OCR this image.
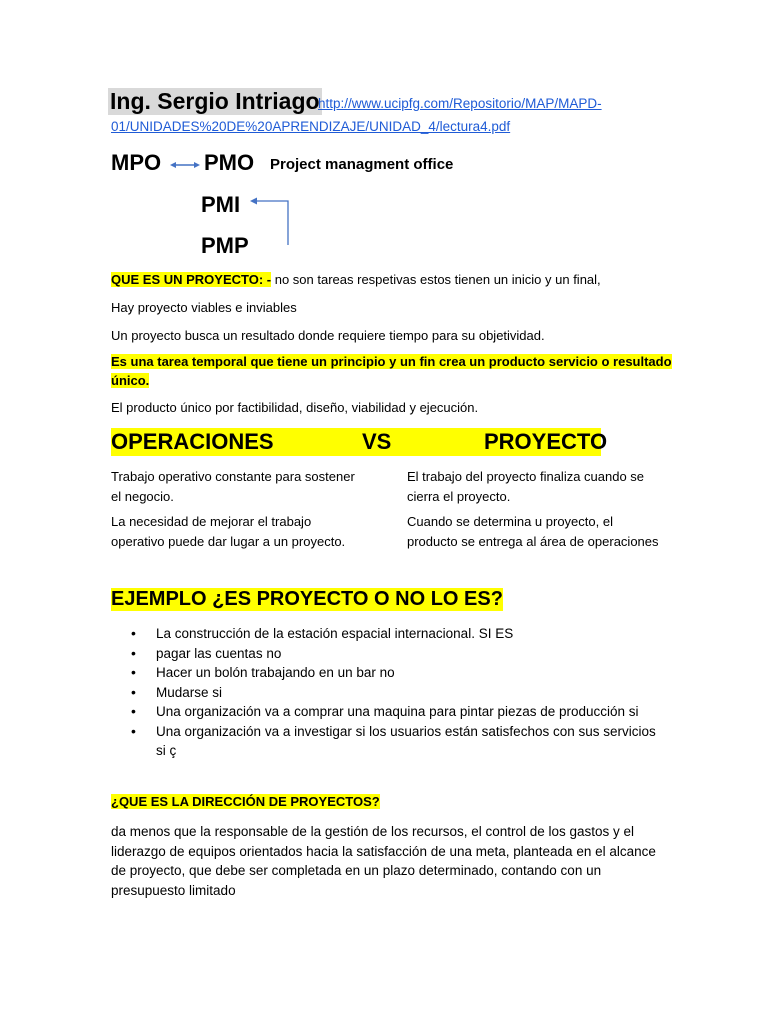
Ing. Sergio Intriago
http://www.ucipfg.com/Repositorio/MAP/MAPD-
01/UNIDADES%20DE%20APRENDIZAJE/UNIDAD_4/lectura4.pdf
MPO PMO Project managment office
PMI
PMP
QUE ES UN PROYECTO: - no son tareas respetivas estos tienen un inicio y un final,
Hay proyecto viables e inviables
Un proyecto busca un resultado donde requiere tiempo para su objetividad.
Es una tarea temporal que tiene un principio y un fin crea un producto servicio o resultado
único.
El producto único por factibilidad, diseño, viabilidad y ejecución.
OPERACIONES	VS	PROYECTO
Trabajo operativo constante para sostener
el negocio.
La necesidad de mejorar el trabajo
operativo puede dar lugar a un proyecto.
El trabajo del proyecto finaliza cuando se
cierra el proyecto.
Cuando se determina u proyecto, el
producto se entrega al área de operaciones
EJEMPLO ¿ES PROYECTO O NO LO ES?
• La construcción de la estación espacial internacional. SI ES
• pagar las cuentas no
• Hacer un bolón trabajando en un bar no
• Mudarse si
• Una organización va a comprar una maquina para pintar piezas de producción si
• Una organización va a investigar si los usuarios están satisfechos con sus servicios si ç
¿QUE ES LA DIRECCIÓN DE PROYECTOS?
da menos que la responsable de la gestión de los recursos, el control de los gastos y el liderazgo de equipos orientados hacia la satisfacción de una meta, planteada en el alcance de proyecto, que debe ser completada en un plazo determinado, contando con un presupuesto limitado
